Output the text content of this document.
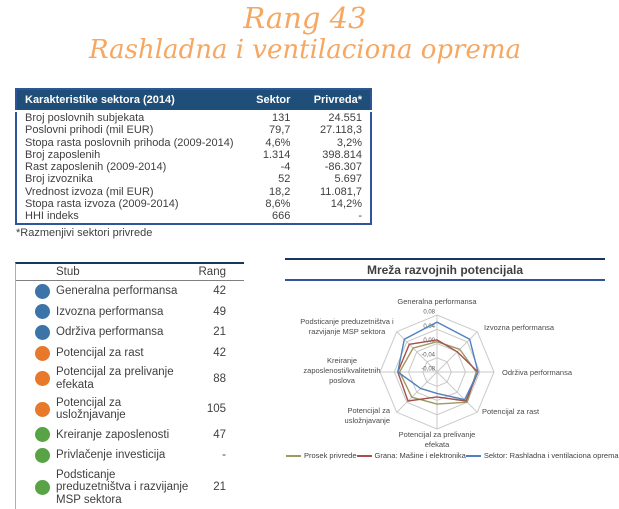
Rang 43
Rashladna i ventilaciona oprema
Karakteristike sektora (2014)	Sektor	Privreda*
Broj poslovnih subjekata	131	24.551
Poslovni prihodi (mil EUR)	79,7	27.118,3
Stopa rasta poslovnih prihoda (2009-2014)	4,6%	3,2%
Broj zaposlenih	1.314	398.814
Rast zaposlenih (2009-2014)	-4	-86.307
Broj izvoznika	52	5.697
Vrednost izvoza (mil EUR)	18,2	11.081,7
Stopa rasta izvoza (2009-2014)	8,6%	14,2%
HHI indeks	666	-
*Razmenjivi sektori privrede
Stub	Rang
Generalna performansa	42
Izvozna performansa	49
Održiva performansa	21
Potencijal za rast	42
Potencijal za prelivanje efekata	88
Potencijal za usložnjavanje	105
Kreiranje zaposlenosti	47
Privlačenje investicija	-
Podsticanje preduzetništva i razvijanje MSP sektora
21
Mreža razvojnih potencijala
0,08
0,04
0,00
-0,04
-0,08
Generalna performansa
Izvozna performansa
Održiva performansa
Potencijal za rast
Potencijal za prelivanje
efekata
Potencijal za
usložnjavanje
Kreiranje
zaposlenosti/kvalitetnih
poslova
Podsticanje preduzetništva i
razvijanje MSP sektora
Prosek privrede Grana: Mašine i elektronika Sektor: Rashladna i ventilaciona oprema
